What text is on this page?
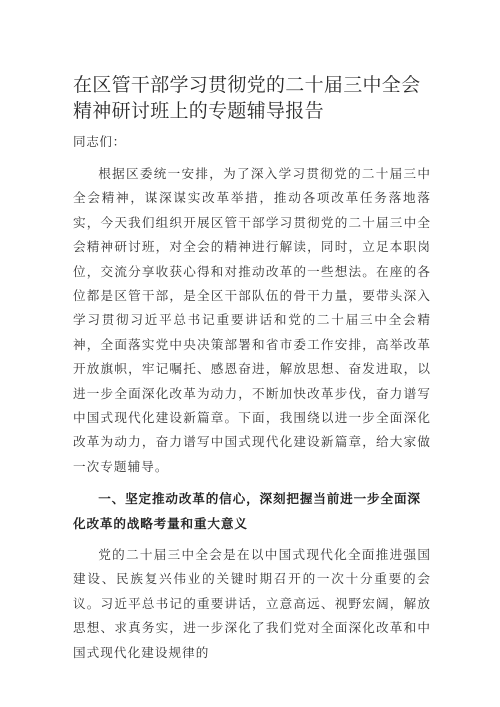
在区管干部学习贯彻党的二十届三中全会精神研讨班上的专题辅导报告
同志们：

根据区委统一安排，为了深入学习贯彻党的二十届三中全会精神，谋深谋实改革举措，推动各项改革任务落地落实，今天我们组织开展区管干部学习贯彻党的二十届三中全会精神研讨班，对全会的精神进行解读，同时，立足本职岗位，交流分享收获心得和对推动改革的一些想法。在座的各位都是区管干部，是全区干部队伍的骨干力量，要带头深入学习贯彻习近平总书记重要讲话和党的二十届三中全会精神，全面落实党中央决策部署和省市委工作安排，高举改革开放旗帜，牢记嘱托、感恩奋进，解放思想、奋发进取，以进一步全面深化改革为动力，不断加快改革步伐，奋力谱写中国式现代化建设新篇章。下面，我围绕以进一步全面深化改革为动力，奋力谱写中国式现代化建设新篇章，给大家做一次专题辅导。

一、坚定推动改革的信心，深刻把握当前进一步全面深化改革的战略考量和重大意义

党的二十届三中全会是在以中国式现代化全面推进强国建设、民族复兴伟业的关键时期召开的一次十分重要的会议。习近平总书记的重要讲话，立意高远、视野宏阔，解放思想、求真务实，进一步深化了我们党对全面深化改革和中国式现代化建设规律的
